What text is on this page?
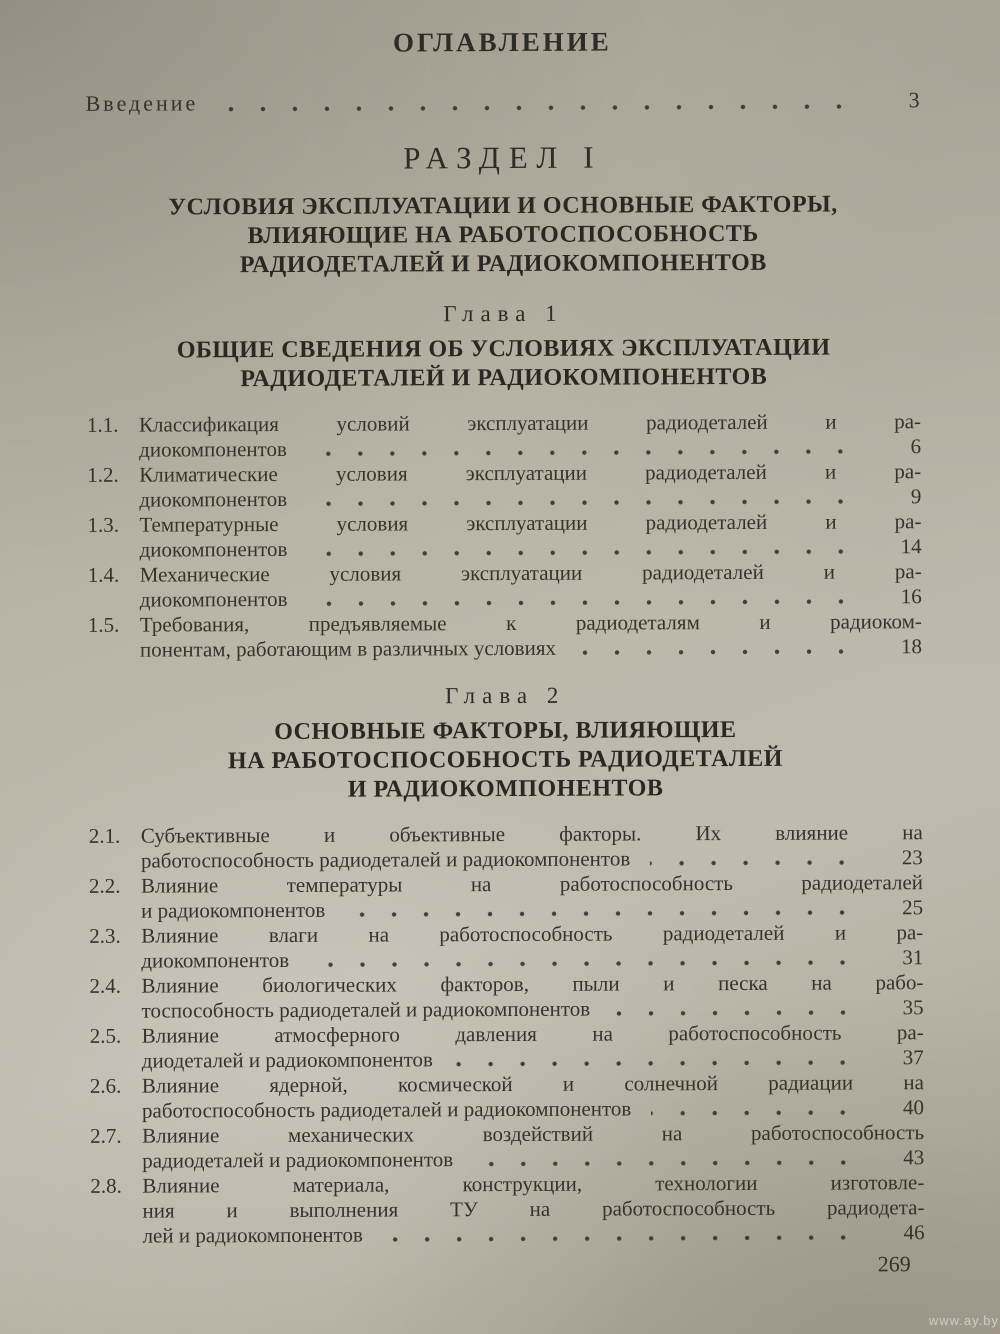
ОГЛАВЛЕНИЕ
Введение	3
РАЗДЕЛ I
УСЛОВИЯ ЭКСПЛУАТАЦИИ И ОСНОВНЫЕ ФАКТОРЫ,
ВЛИЯЮЩИЕ НА РАБОТОСПОСОБНОСТЬ
РАДИОДЕТАЛЕЙ И РАДИОКОМПОНЕНТОВ
Глава 1
ОБЩИЕ СВЕДЕНИЯ ОБ УСЛОВИЯХ ЭКСПЛУАТАЦИИ
РАДИОДЕТАЛЕЙ И РАДИОКОМПОНЕНТОВ
1.1. Классификация условий эксплуатации радиодеталей и ра-
диокомпонентов	6
1.2. Климатические условия эксплуатации радиодеталей и ра-
диокомпонентов	9
1.3. Температурные условия эксплуатации радиодеталей и ра-
диокомпонентов	14
1.4. Механические условия эксплуатации радиодеталей и ра-
диокомпонентов	16
1.5. Требования, предъявляемые к радиодеталям и радиоком-
понентам, работающим в различных условиях	18
Глава 2
ОСНОВНЫЕ ФАКТОРЫ, ВЛИЯЮЩИЕ
НА РАБОТОСПОСОБНОСТЬ РАДИОДЕТАЛЕЙ
И РАДИОКОМПОНЕНТОВ
2.1. Субъективные и объективные факторы. Их влияние на
работоспособность радиодеталей и радиокомпонентов	23
2.2. Влияние температуры на работоспособность радиодеталей
и радиокомпонентов	25
2.3. Влияние влаги на работоспособность радиодеталей и ра-
диокомпонентов	31
2.4. Влияние биологических факторов, пыли и песка на рабо-
тоспособность радиодеталей и радиокомпонентов	35
2.5. Влияние атмосферного давления на работоспособность ра-
диодеталей и радиокомпонентов	37
2.6. Влияние ядерной, космической и солнечной радиации на
работоспособность радиодеталей и радиокомпонентов	40
2.7. Влияние механических воздействий на работоспособность
радиодеталей и радиокомпонентов	43
2.8. Влияние материала, конструкции, технологии изготовле-
ния и выполнения ТУ на работоспособность радиодета-
лей и радиокомпонентов	46
269
www.ay.by
